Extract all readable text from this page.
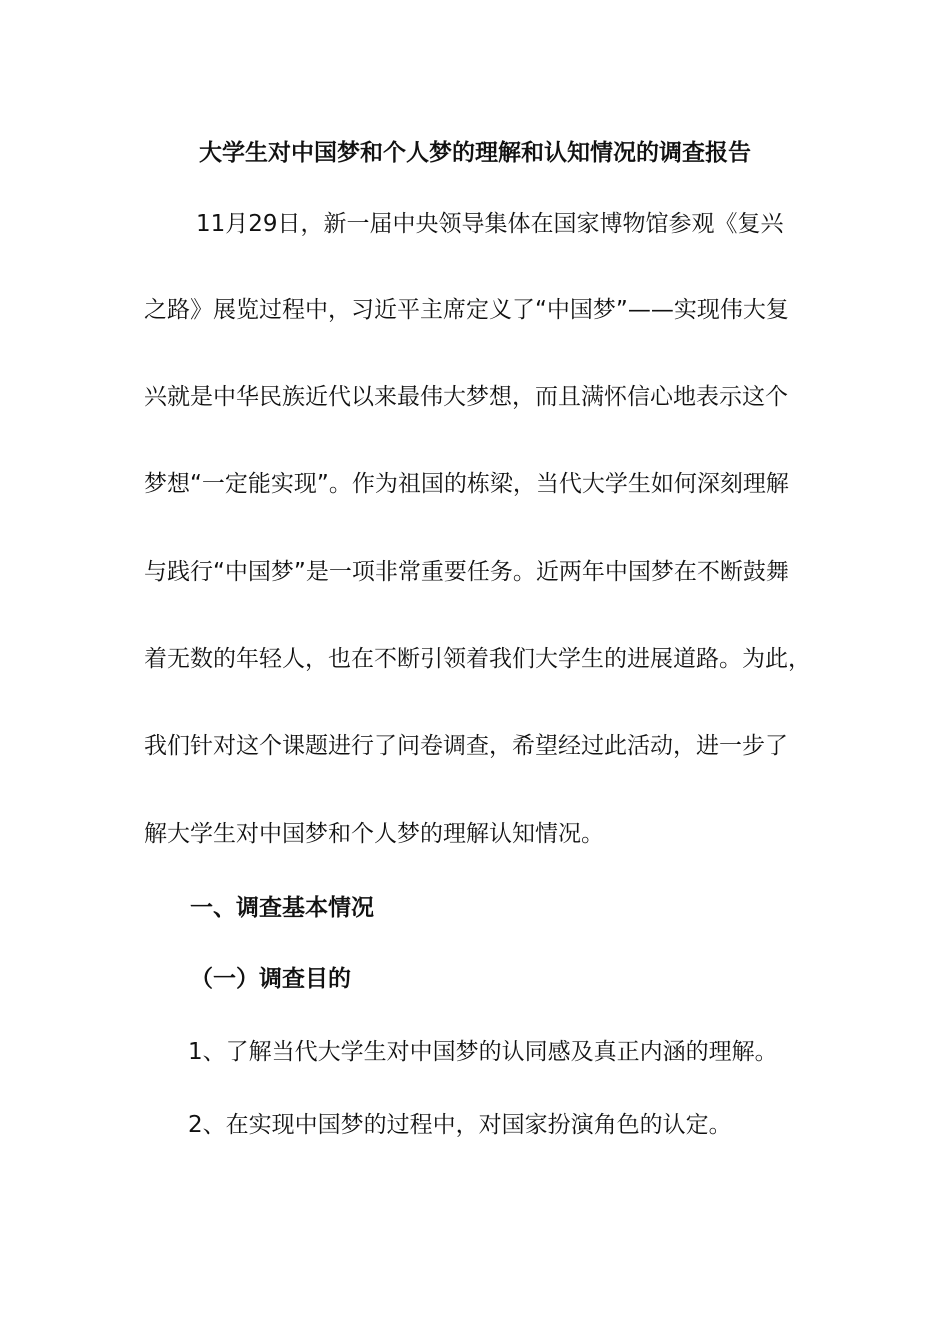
大学生对中国梦和个人梦的理解和认知情况的调查报告
11月29日，新一届中央领导集体在国家博物馆参观《复兴
之路》展览过程中，习近平主席定义了“中国梦”——实现伟大复
兴就是中华民族近代以来最伟大梦想，而且满怀信心地表示这个
梦想“一定能实现”。作为祖国的栋梁，当代大学生如何深刻理解
与践行“中国梦”是一项非常重要任务。近两年中国梦在不断鼓舞
着无数的年轻人，也在不断引领着我们大学生的进展道路。为此，
我们针对这个课题进行了问卷调查，希望经过此活动，进一步了
解大学生对中国梦和个人梦的理解认知情况。
一、调查基本情况
（一）调查目的
1、了解当代大学生对中国梦的认同感及真正内涵的理解。
2、在实现中国梦的过程中，对国家扮演角色的认定。
